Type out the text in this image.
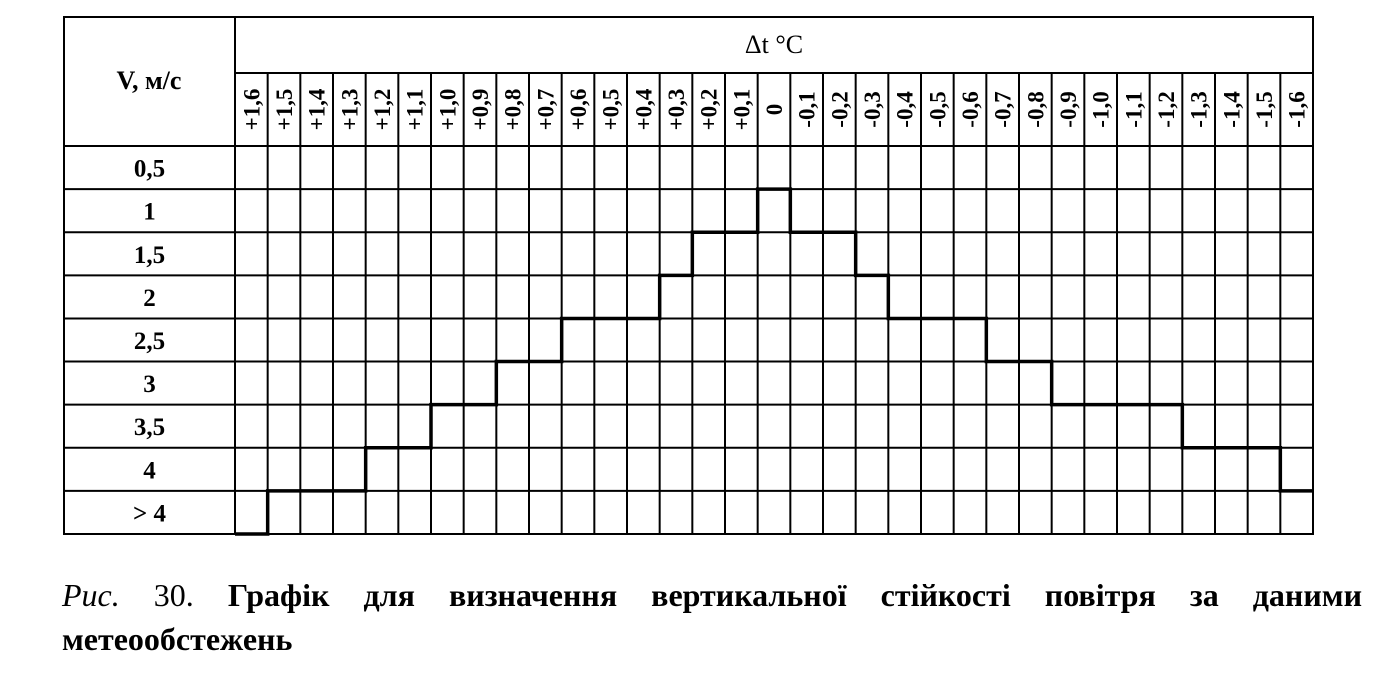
V, м/с
Δt °C
+1,6 +1,5 +1,4 +1,3 +1,2 +1,1 +1,0 +0,9 +0,8 +0,7 +0,6 +0,5 +0,4 +0,3 +0,2 +0,1 0 -0,1 -0,2 -0,3 -0,4 -0,5 -0,6 -0,7 -0,8 -0,9 -1,0 -1,1 -1,2 -1,3 -1,4 -1,5 -1,6
0,5
1
1,5
2
2,5
3
3,5
4
> 4
Рис. 30. Графік для визначення вертикальної стійкості повітря за даними метеообстежень
